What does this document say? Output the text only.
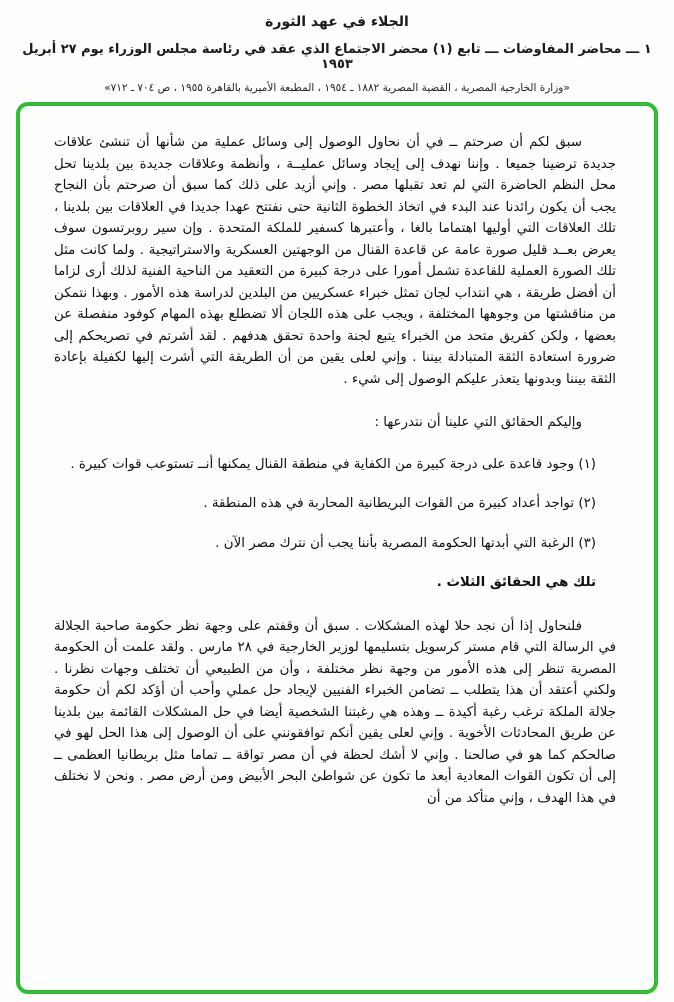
الجلاء في عهد الثورة
١ ـــ محاضر المفاوضات ـــ تابع (١) محضر الاجتماع الذي عقد في رئاسة مجلس الوزراء يوم ٢٧ أبريل ١٩٥٣
«وزارة الخارجية المصرية ، القضية المصرية ١٨٨٢ ـ ١٩٥٤ ، المطبعة الأميرية بالقاهرة ١٩٥٥ ، ص ٧٠٤ ـ ٧١٢»

سبق لكم أن صرحتم ــ في أن نحاول الوصول إلى وسائل عملية من شأنها أن تنشئ علاقات جديدة ترضينا جميعا . وإننا نهدف إلى إيجاد وسائل عمليــة ، وأنظمة وعلاقات جديدة بين بلدينا تحل محل النظم الحاضرة التي لم تعد تقبلها مصر . وإني أزيد على ذلك كما سبق أن صرحتم بأن النجاح يجب أن يكون رائدنا عند البدء في اتخاذ الخطوة الثانية حتى نفتتح عهدا جديدا في العلاقات بين بلدينا ، تلك العلاقات التي أوليها اهتماما بالغا ، وأعتبرها كسفير للملكة المتحدة . وإن سير روبرتسون سوف يعرض بعــد قليل صورة عامة عن قاعدة القنال من الوجهتين العسكرية والاستراتيجية . ولما كانت مثل تلك الصورة العملية للقاعدة تشمل أمورا على درجة كبيرة من التعقيد من الناحية الفنية لذلك أرى لزاما أن أفضل طريقة ، هي انتداب لجان تمثل خبراء عسكريين من البلدين لدراسة هذه الأمور . وبهذا نتمكن من مناقشتها من وجوهها المختلفة ، ويجب على هذه اللجان ألا تضطلع بهذه المهام كوفود منفصلة عن بعضها ، ولكن كفريق متحد من الخبراء يتبع لجنة واحدة تحقق هدفهم . لقد أشرتم في تصريحكم إلى ضرورة استعادة الثقة المتبادلة بيننا . وإني لعلى يقين من أن الطريقة التي أشرت إليها لكفيلة بإعادة الثقة بيننا وبدونها يتعذر عليكم الوصول إلى شيء .

وإليكم الحقائق التي علينا أن نتدرعها :

(١) وجود قاعدة على درجة كبيرة من الكفاية في منطقة القنال يمكنها أنــ تستوعب قوات كبيرة .

(٢) تواجد أعداد كبيرة من القوات البريطانية المحاربة في هذه المنطقة .

(٣) الرغبة التي أبدتها الحكومة المصرية بأننا يجب أن نترك مصر الآن .

تلك هي الحقائق الثلاث .

فلنحاول إذا أن نجد حلا لهذه المشكلات . سبق أن وقفتم على وجهة نظر حكومة صاحبة الجلالة في الرسالة التي قام مستر كرسويل بتسليمها لوزير الخارجية في ٢٨ مارس . ولقد علمت أن الحكومة المصرية تنظر إلى هذه الأمور من وجهة نظر مختلفة ، وأن من الطبيعي أن تختلف وجهات نظرنا . ولكني أعتقد أن هذا يتطلب ــ تضامن الخبراء الفنيين لإيجاد حل عملي وأحب أن أؤكد لكم أن حكومة جلالة الملكة ترغب رغبة أكيدة ــ وهذه هي رغبتنا الشخصية أيضا في حل المشكلات القائمة بين بلدينا عن طريق المحادثات الأخوية . وإني لعلى يقين أنكم توافقونني على أن الوصول إلى هذا الحل لهو في صالحكم كما هو في صالحنا . وإني لا أشك لحظة في أن مصر تواقة ــ تماما مثل بريطانيا العظمى ــ إلى أن تكون القوات المعادية أبعد ما تكون عن شواطئ البحر الأبيض ومن أرض مصر . ونحن لا نختلف في هذا الهدف ، وإني متأكد من أن
